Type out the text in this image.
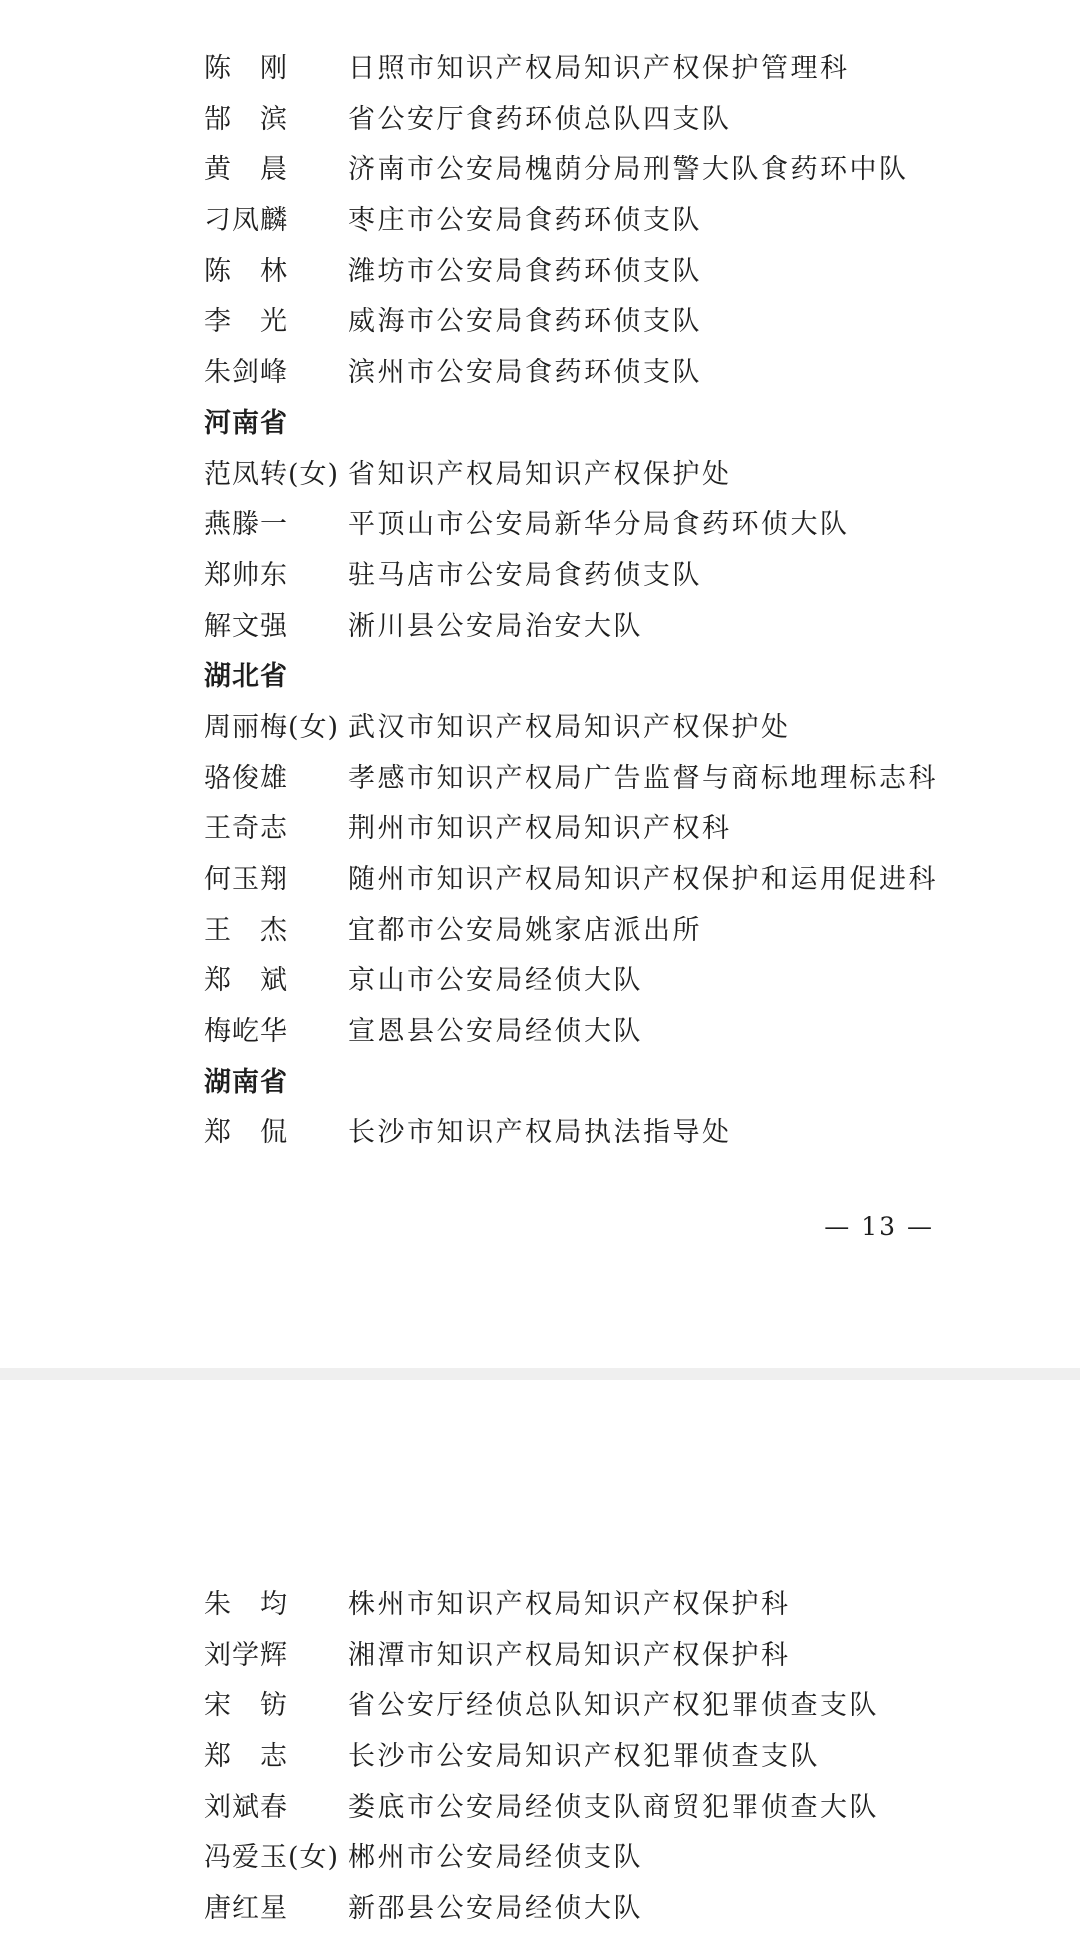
陈　刚 日照市知识产权局知识产权保护管理科
郜　滨 省公安厅食药环侦总队四支队
黄　晨 济南市公安局槐荫分局刑警大队食药环中队
刁凤麟 枣庄市公安局食药环侦支队
陈　林 潍坊市公安局食药环侦支队
李　光 威海市公安局食药环侦支队
朱剑峰 滨州市公安局食药环侦支队
河南省
范凤转(女) 省知识产权局知识产权保护处
燕滕一 平顶山市公安局新华分局食药环侦大队
郑帅东 驻马店市公安局食药侦支队
解文强 淅川县公安局治安大队
湖北省
周丽梅(女) 武汉市知识产权局知识产权保护处
骆俊雄 孝感市知识产权局广告监督与商标地理标志科
王奇志 荆州市知识产权局知识产权科
何玉翔 随州市知识产权局知识产权保护和运用促进科
王　杰 宜都市公安局姚家店派出所
郑　斌 京山市公安局经侦大队
梅屹华 宣恩县公安局经侦大队
湖南省
郑　侃 长沙市知识产权局执法指导处
— 13 —
朱　均 株州市知识产权局知识产权保护科
刘学辉 湘潭市知识产权局知识产权保护科
宋　钫 省公安厅经侦总队知识产权犯罪侦查支队
郑　志 长沙市公安局知识产权犯罪侦查支队
刘斌春 娄底市公安局经侦支队商贸犯罪侦查大队
冯爱玉(女) 郴州市公安局经侦支队
唐红星 新邵县公安局经侦大队
